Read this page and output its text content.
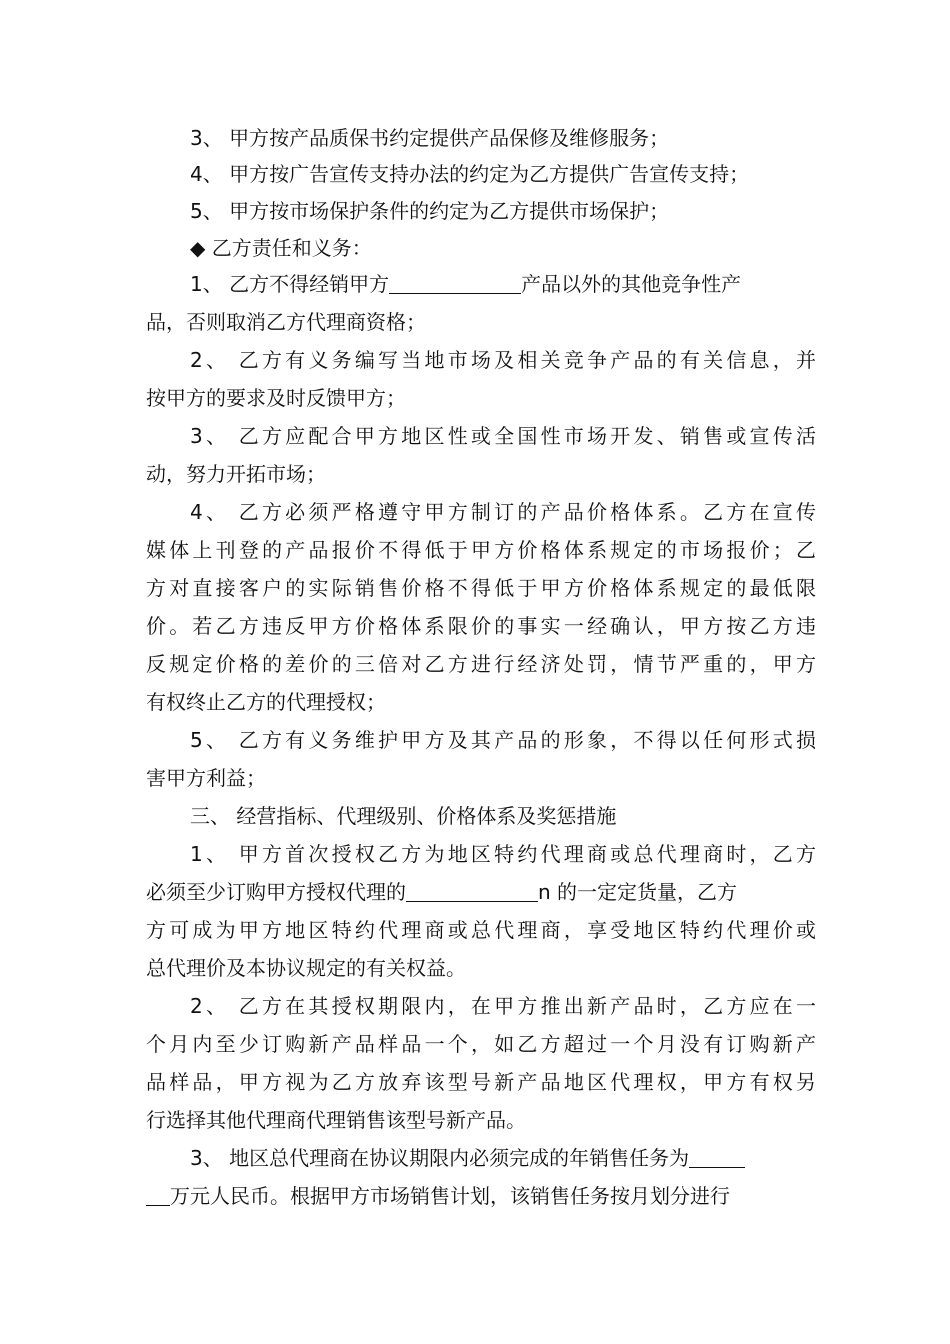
3、 甲方按产品质保书约定提供产品保修及维修服务；
4、 甲方按广告宣传支持办法的约定为乙方提供广告宣传支持；
5、 甲方按市场保护条件的约定为乙方提供市场保护；
◆ 乙方责任和义务：
1、 乙方不得经销甲方	产品以外的其他竞争性产
品，否则取消乙方代理商资格；
2、 乙方有义务编写当地市场及相关竞争产品的有关信息，并
按甲方的要求及时反馈甲方；
3、 乙方应配合甲方地区性或全国性市场开发、销售或宣传活
动，努力开拓市场；
4、 乙方必须严格遵守甲方制订的产品价格体系。乙方在宣传
媒体上刊登的产品报价不得低于甲方价格体系规定的市场报价；乙
方对直接客户的实际销售价格不得低于甲方价格体系规定的最低限
价。若乙方违反甲方价格体系限价的事实一经确认，甲方按乙方违
反规定价格的差价的三倍对乙方进行经济处罚，情节严重的，甲方
有权终止乙方的代理授权；
5、 乙方有义务维护甲方及其产品的形象，不得以任何形式损
害甲方利益；
三、 经营指标、代理级别、价格体系及奖惩措施
1、 甲方首次授权乙方为地区特约代理商或总代理商时，乙方
必须至少订购甲方授权代理的	n 的一定定货量，乙方
方可成为甲方地区特约代理商或总代理商，享受地区特约代理价或
总代理价及本协议规定的有关权益。
2、 乙方在其授权期限内，在甲方推出新产品时，乙方应在一
个月内至少订购新产品样品一个，如乙方超过一个月没有订购新产
品样品，甲方视为乙方放弃该型号新产品地区代理权，甲方有权另
行选择其他代理商代理销售该型号新产品。
3、 地区总代理商在协议期限内必须完成的年销售任务为
万元人民币。根据甲方市场销售计划，该销售任务按月划分进行
